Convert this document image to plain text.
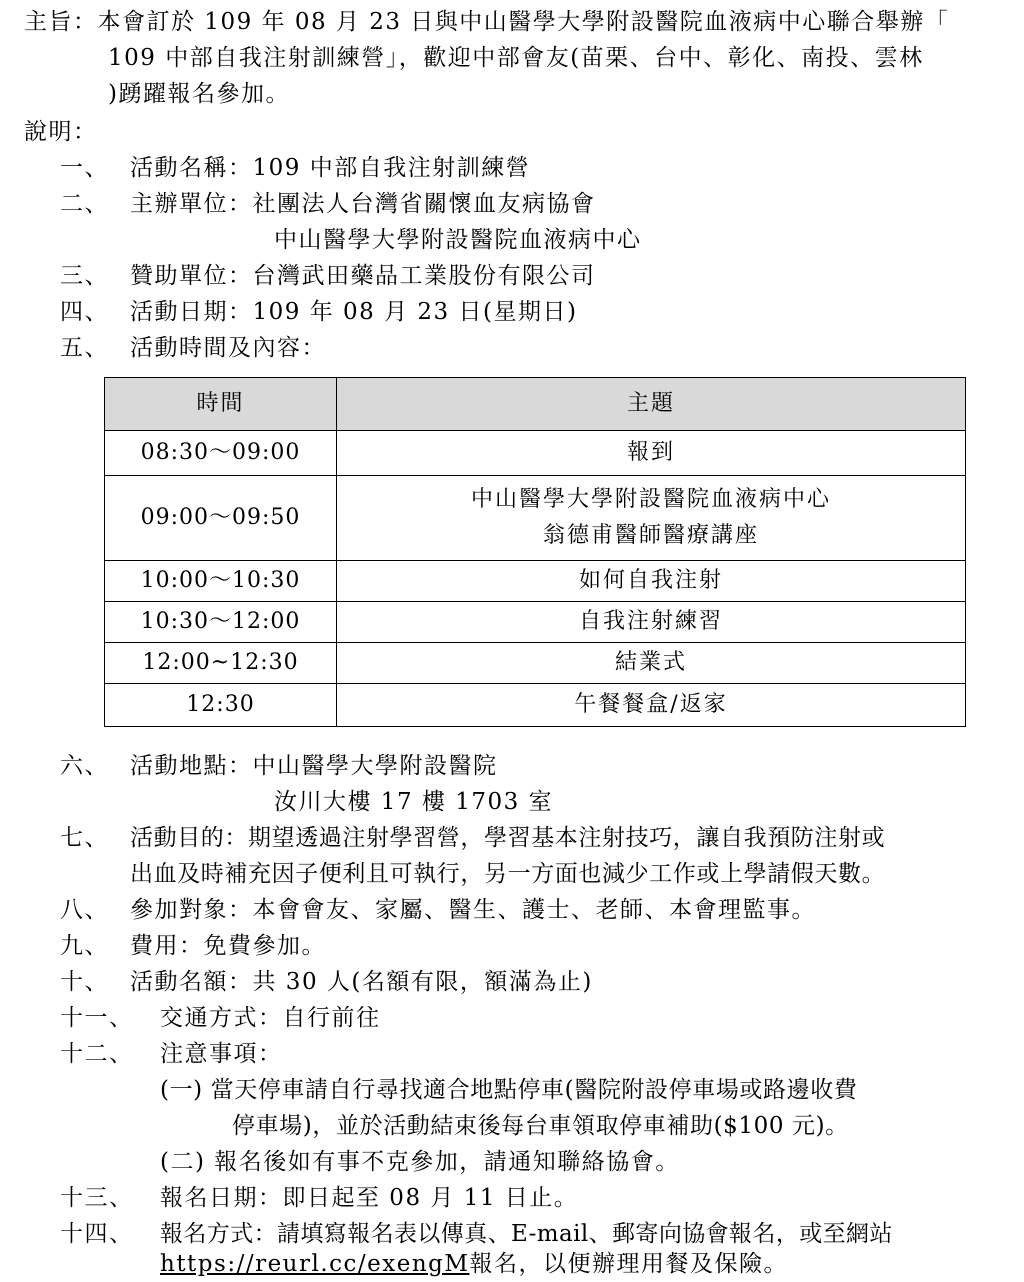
主旨：本會訂於 109 年 08 月 23 日與中山醫學大學附設醫院血液病中心聯合舉辦「
109 中部自我注射訓練營」，歡迎中部會友(苗栗、台中、彰化、南投、雲林
)踴躍報名參加。
說明：
一、 活動名稱：109 中部自我注射訓練營
二、 主辦單位：社團法人台灣省關懷血友病協會
中山醫學大學附設醫院血液病中心
三、 贊助單位：台灣武田藥品工業股份有限公司
四、 活動日期：109 年 08 月 23 日(星期日)
五、 活動時間及內容：
時間	主題
08:30～09:00	報到
09:00～09:50	中山醫學大學附設醫院血液病中心
翁德甫醫師醫療講座

10:00～10:30	如何自我注射
10:30～12:00	自我注射練習
12:00~12:30	結業式
12:30	午餐餐盒/返家
六、 活動地點：中山醫學大學附設醫院
汝川大樓 17 樓 1703 室
七、 活動目的：期望透過注射學習營，學習基本注射技巧，讓自我預防注射或
出血及時補充因子便利且可執行，另一方面也減少工作或上學請假天數。
八、 參加對象：本會會友、家屬、醫生、護士、老師、本會理監事。
九、 費用：免費參加。
十、 活動名額：共 30 人(名額有限，額滿為止)
十一、 交通方式：自行前往
十二、 注意事項：
(一) 當天停車請自行尋找適合地點停車(醫院附設停車場或路邊收費
停車場)，並於活動結束後每台車領取停車補助($100 元)。
(二) 報名後如有事不克參加，請通知聯絡協會。
十三、 報名日期：即日起至 08 月 11 日止。
十四、 報名方式：請填寫報名表以傳真、E-mail、郵寄向協會報名，或至網站
https://reurl.cc/exengM報名，以便辦理用餐及保險。
